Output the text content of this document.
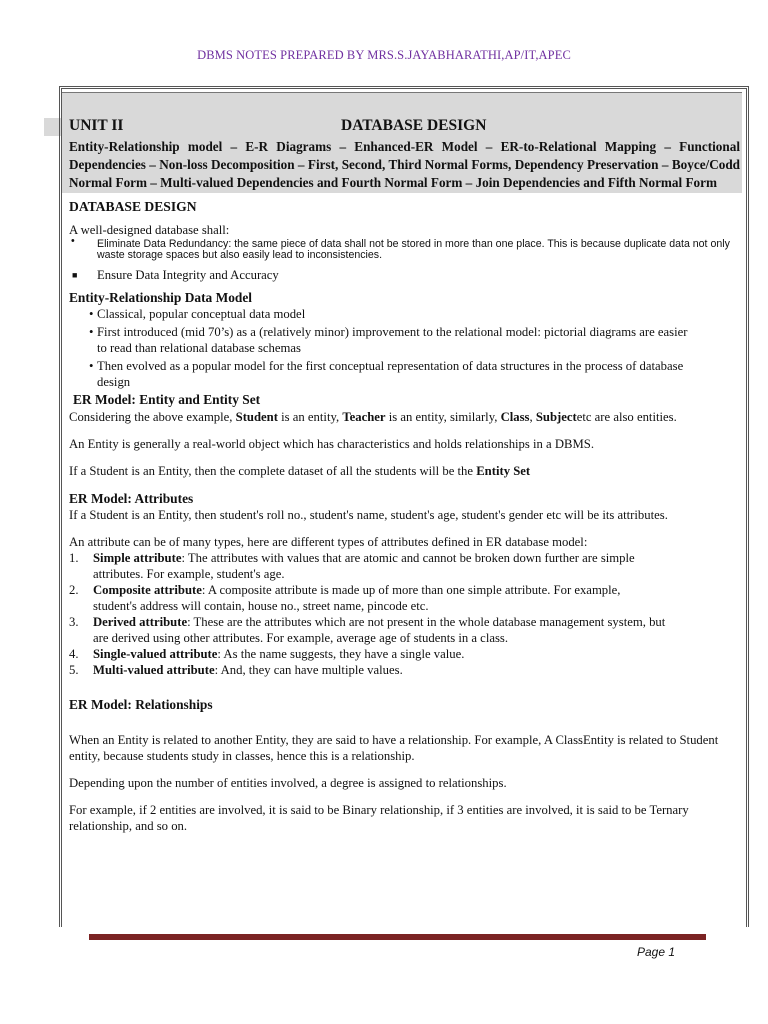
DBMS NOTES PREPARED BY MRS.S.JAYABHARATHI,AP/IT,APEC
UNIT II	DATABASE DESIGN
Entity-Relationship model – E-R Diagrams – Enhanced-ER Model – ER-to-Relational Mapping – Functional Dependencies – Non-loss Decomposition – First, Second, Third Normal Forms, Dependency Preservation – Boyce/Codd Normal Form – Multi-valued Dependencies and Fourth Normal Form – Join Dependencies and Fifth Normal Form
DATABASE DESIGN

A well-designed database shall:

• Eliminate Data Redundancy: the same piece of data shall not be stored in more than one place. This is because duplicate data not only waste storage spaces but also easily lead to inconsistencies.
■ Ensure Data Integrity and Accuracy
Entity-Relationship Data Model
• Classical, popular conceptual data model
• First introduced (mid 70’s) as a (relatively minor) improvement to the relational model: pictorial diagrams are easier to read than relational database schemas
• Then evolved as a popular model for the first conceptual representation of data structures in the process of database design
ER Model: Entity and Entity Set

Considering the above example, Student is an entity, Teacher is an entity, similarly, Class, Subjectetc are also entities.

An Entity is generally a real-world object which has characteristics and holds relationships in a DBMS.

If a Student is an Entity, then the complete dataset of all the students will be the Entity Set

ER Model: Attributes

If a Student is an Entity, then student's roll no., student's name, student's age, student's gender etc will be its attributes.

An attribute can be of many types, here are different types of attributes defined in ER database model:

1. Simple attribute: The attributes with values that are atomic and cannot be broken down further are simple attributes. For example, student's age.
2. Composite attribute: A composite attribute is made up of more than one simple attribute. For example, student's address will contain, house no., street name, pincode etc.
3. Derived attribute: These are the attributes which are not present in the whole database management system, but are derived using other attributes. For example, average age of students in a class.
4. Single-valued attribute: As the name suggests, they have a single value.
5. Multi-valued attribute: And, they can have multiple values.
ER Model: Relationships

When an Entity is related to another Entity, they are said to have a relationship. For example, A ClassEntity is related to Student entity, because students study in classes, hence this is a relationship.

Depending upon the number of entities involved, a degree is assigned to relationships.

For example, if 2 entities are involved, it is said to be Binary relationship, if 3 entities are involved, it is said to be Ternary relationship, and so on.

Page 1
